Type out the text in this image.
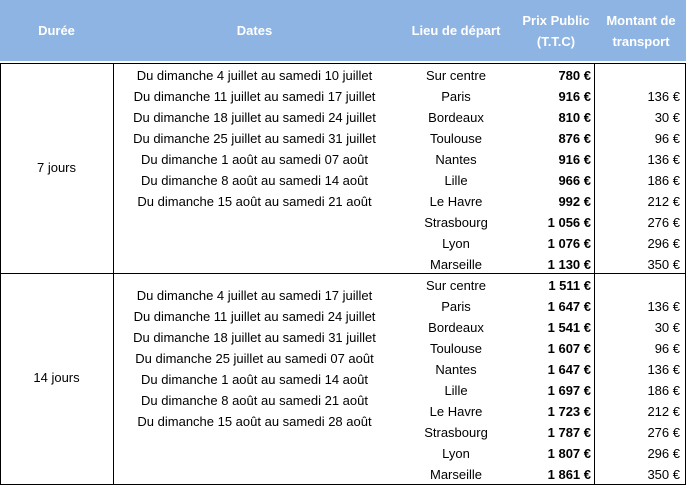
Durée	Dates	Lieu de départ
Prix Public
(T.T.C)
Montant de
transport
7 jours
Du dimanche 4 juillet au samedi 10 juillet
Du dimanche 11 juillet au samedi 17 juillet
Du dimanche 18 juillet au samedi 24 juillet
Du dimanche 25 juillet au samedi 31 juillet
Du dimanche 1 août au samedi 07 août
Du dimanche 8 août au samedi 14 août
Du dimanche 15 août au samedi 21 août
Sur centre
Paris
Bordeaux
Toulouse
Nantes
Lille
Le Havre
Strasbourg
Lyon
Marseille
780 €
916 €
810 €
876 €
916 €
966 €
992 €
1 056 €
1 076 €
1 130 €
136 €
30 €
96 €
136 €
186 €
212 €
276 €
296 €
350 €
14 jours
Du dimanche 4 juillet au samedi 17 juillet
Du dimanche 11 juillet au samedi 24 juillet
Du dimanche 18 juillet au samedi 31 juillet
Du dimanche 25 juillet au samedi 07 août
Du dimanche 1 août au samedi 14 août
Du dimanche 8 août au samedi 21 août
Du dimanche 15 août au samedi 28 août
Sur centre
Paris
Bordeaux
Toulouse
Nantes
Lille
Le Havre
Strasbourg
Lyon
Marseille
1 511 €
1 647 €
1 541 €
1 607 €
1 647 €
1 697 €
1 723 €
1 787 €
1 807 €
1 861 €
136 €
30 €
96 €
136 €
186 €
212 €
276 €
296 €
350 €
